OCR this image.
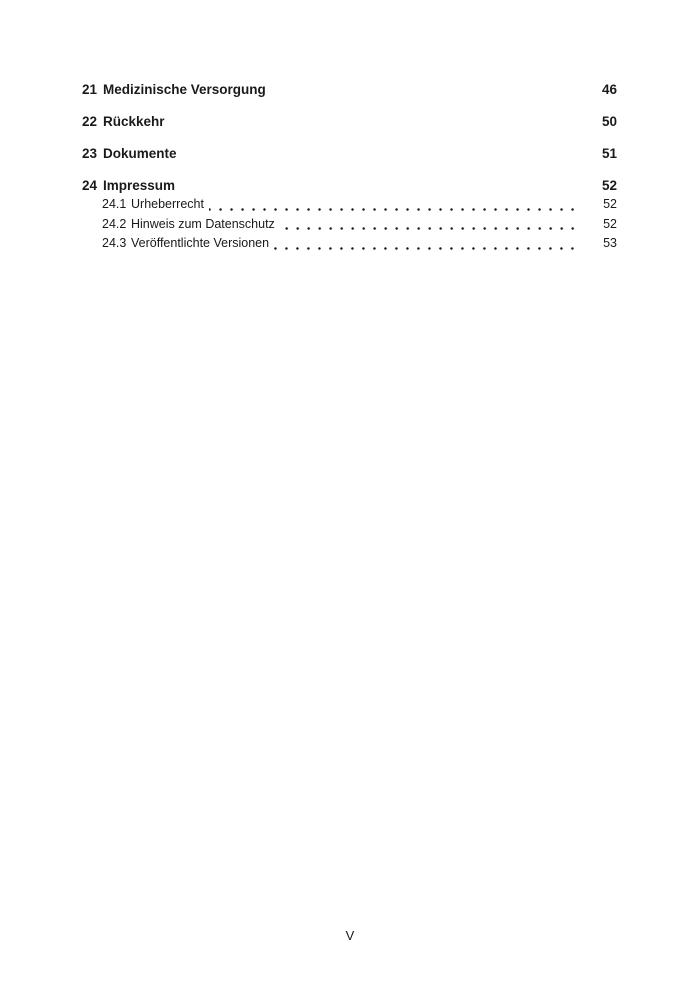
21 Medizinische Versorgung	46
22 Rückkehr	50
23 Dokumente	51
24 Impressum	52
24.1 Urheberrecht	52
24.2 Hinweis zum Datenschutz	52
24.3 Veröffentlichte Versionen	53
V
